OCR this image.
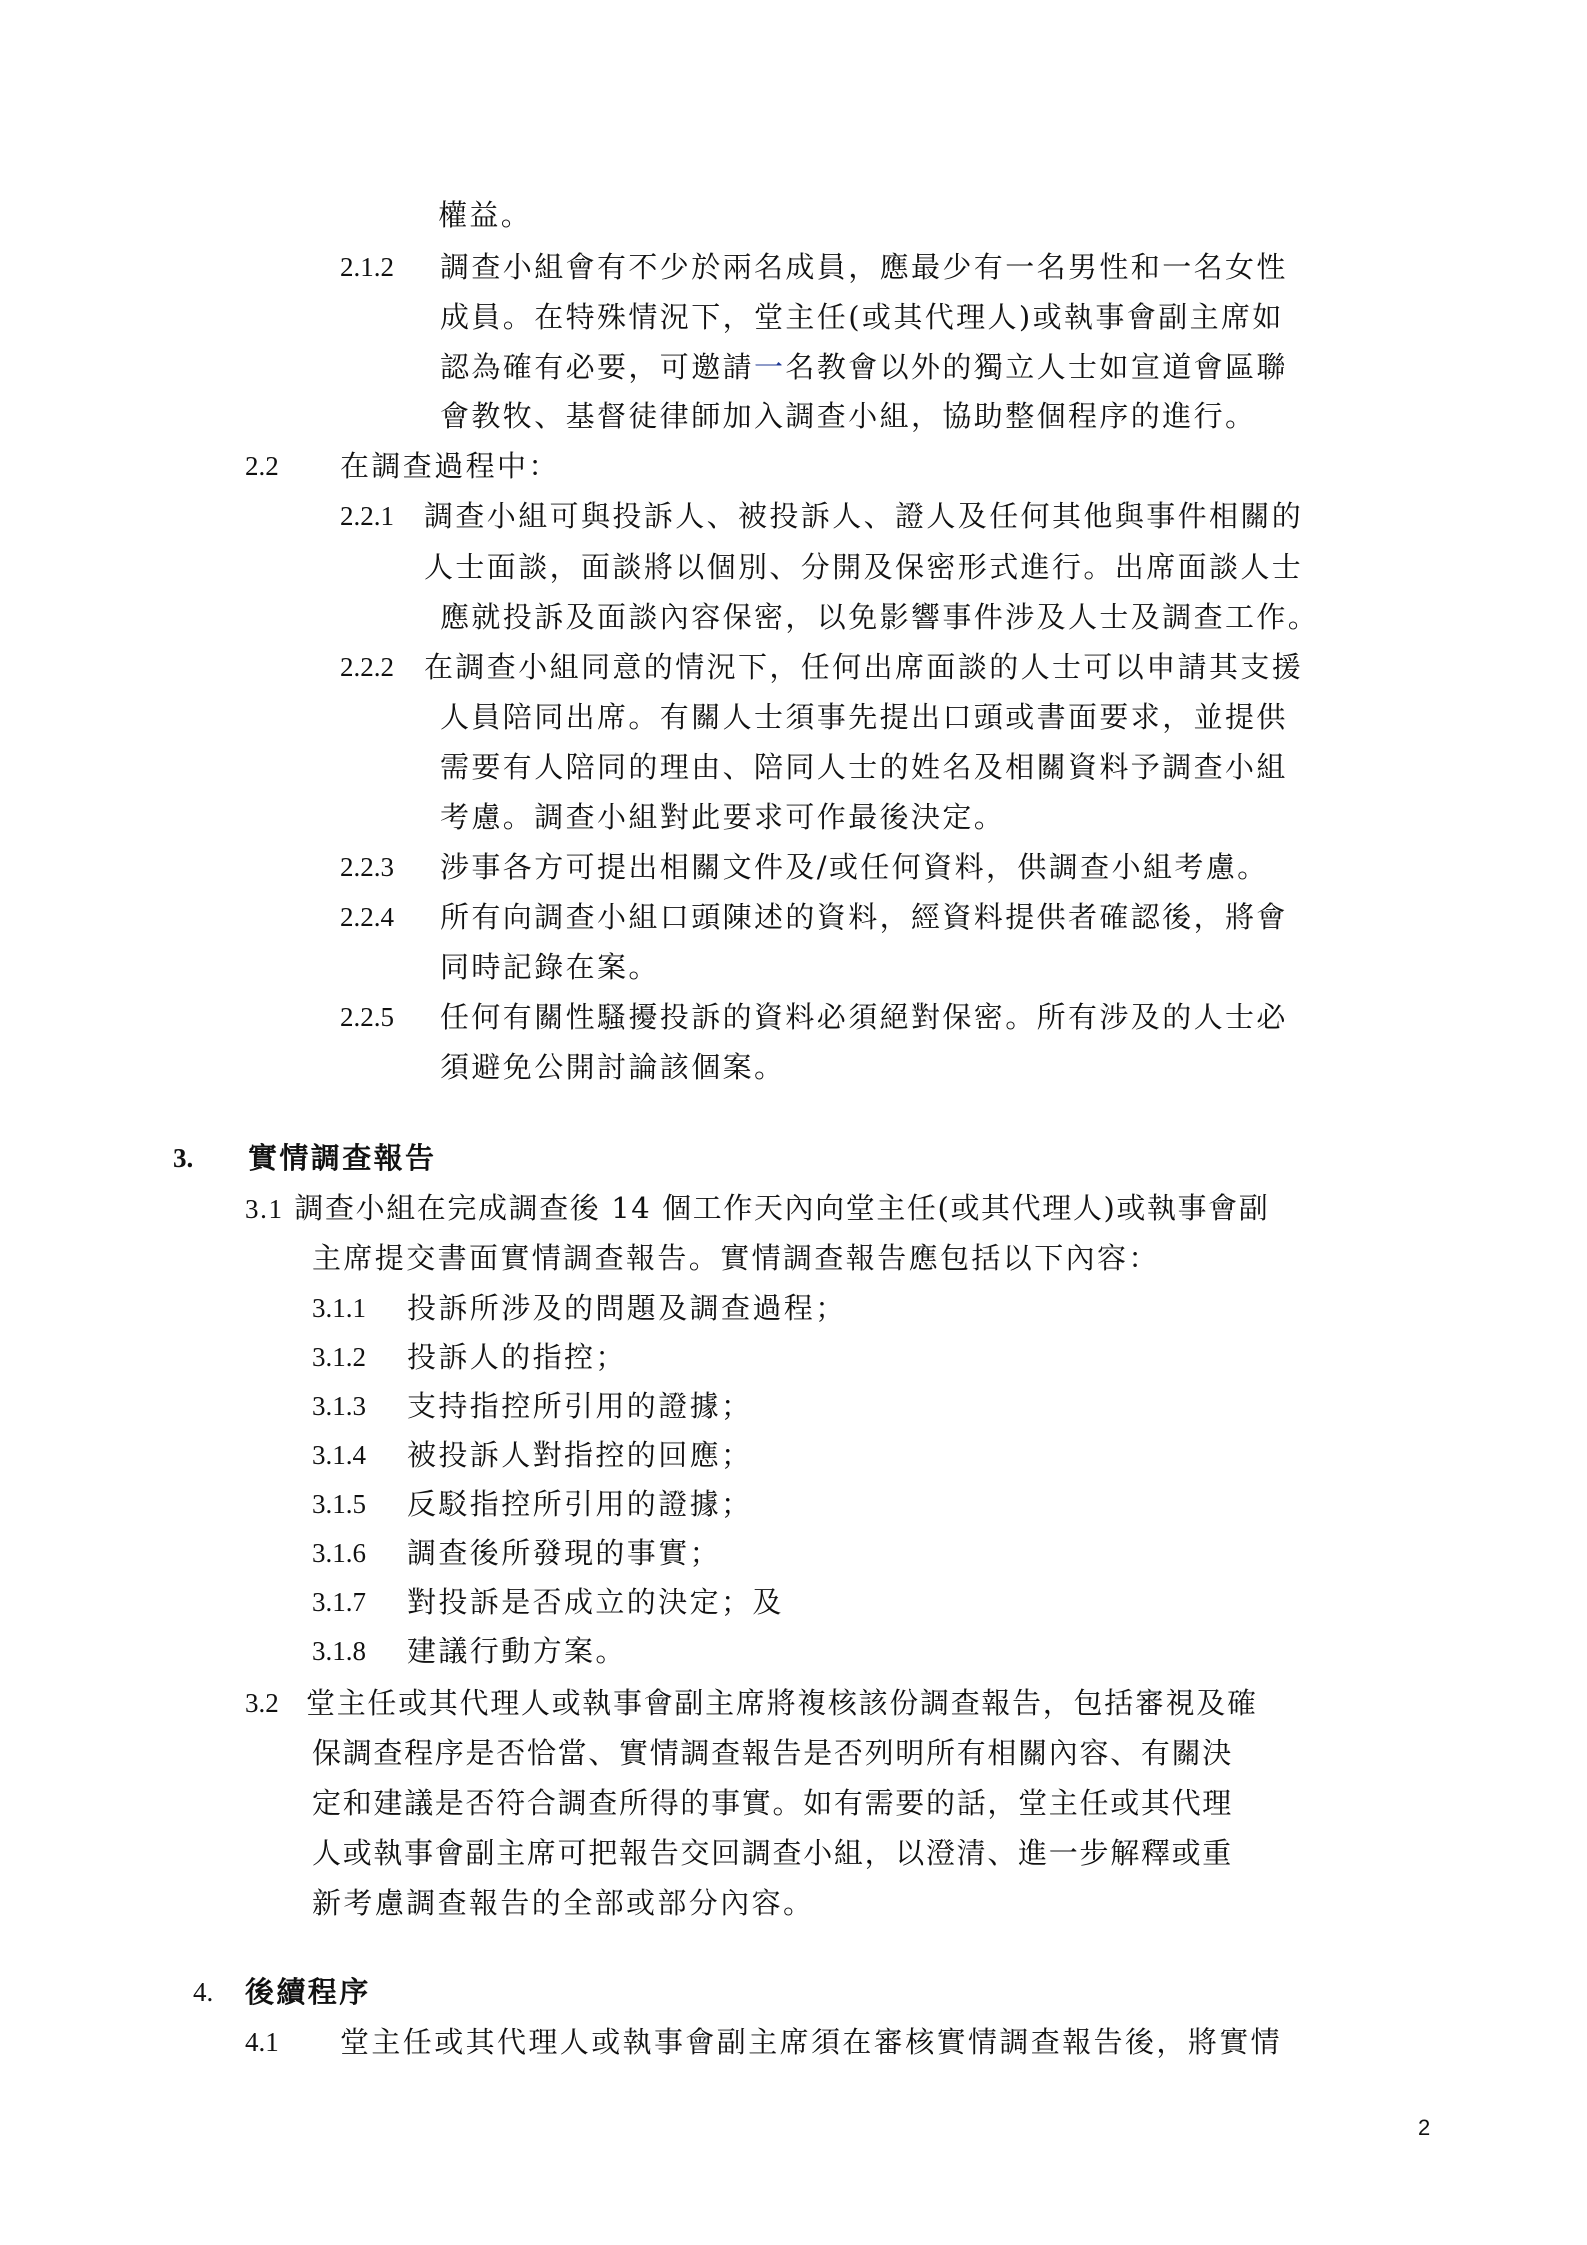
權益。
2.1.2 調查小組會有不少於兩名成員，應最少有一名男性和一名女性
成員。在特殊情況下，堂主任(或其代理人)或執事會副主席如
認為確有必要，可邀請一名教會以外的獨立人士如宣道會區聯
會教牧、基督徒律師加入調查小組，協助整個程序的進行。
2.2 在調查過程中：
2.2.1 調查小組可與投訴人、被投訴人、證人及任何其他與事件相關的
人士面談，面談將以個別、分開及保密形式進行。出席面談人士
應就投訴及面談內容保密，以免影響事件涉及人士及調查工作。
2.2.2 在調查小組同意的情況下，任何出席面談的人士可以申請其支援
人員陪同出席。有關人士須事先提出口頭或書面要求，並提供
需要有人陪同的理由、陪同人士的姓名及相關資料予調查小組
考慮。調查小組對此要求可作最後決定。
2.2.3 涉事各方可提出相關文件及/或任何資料，供調查小組考慮。
2.2.4 所有向調查小組口頭陳述的資料，經資料提供者確認後，將會
同時記錄在案。
2.2.5 任何有關性騷擾投訴的資料必須絕對保密。所有涉及的人士必
須避免公開討論該個案。
3. 實情調查報告
3.1 調查小組在完成調查後 14 個工作天內向堂主任(或其代理人)或執事會副
主席提交書面實情調查報告。實情調查報告應包括以下內容：
3.1.1 投訴所涉及的問題及調查過程；
3.1.2 投訴人的指控；
3.1.3 支持指控所引用的證據；
3.1.4 被投訴人對指控的回應；
3.1.5 反駁指控所引用的證據；
3.1.6 調查後所發現的事實；
3.1.7 對投訴是否成立的決定；及
3.1.8 建議行動方案。
3.2 堂主任或其代理人或執事會副主席將複核該份調查報告，包括審視及確
保調查程序是否恰當、實情調查報告是否列明所有相關內容、有關決
定和建議是否符合調查所得的事實。如有需要的話，堂主任或其代理
人或執事會副主席可把報告交回調查小組，以澄清、進一步解釋或重
新考慮調查報告的全部或部分內容。
4. 後續程序
4.1 堂主任或其代理人或執事會副主席須在審核實情調查報告後，將實情
2
